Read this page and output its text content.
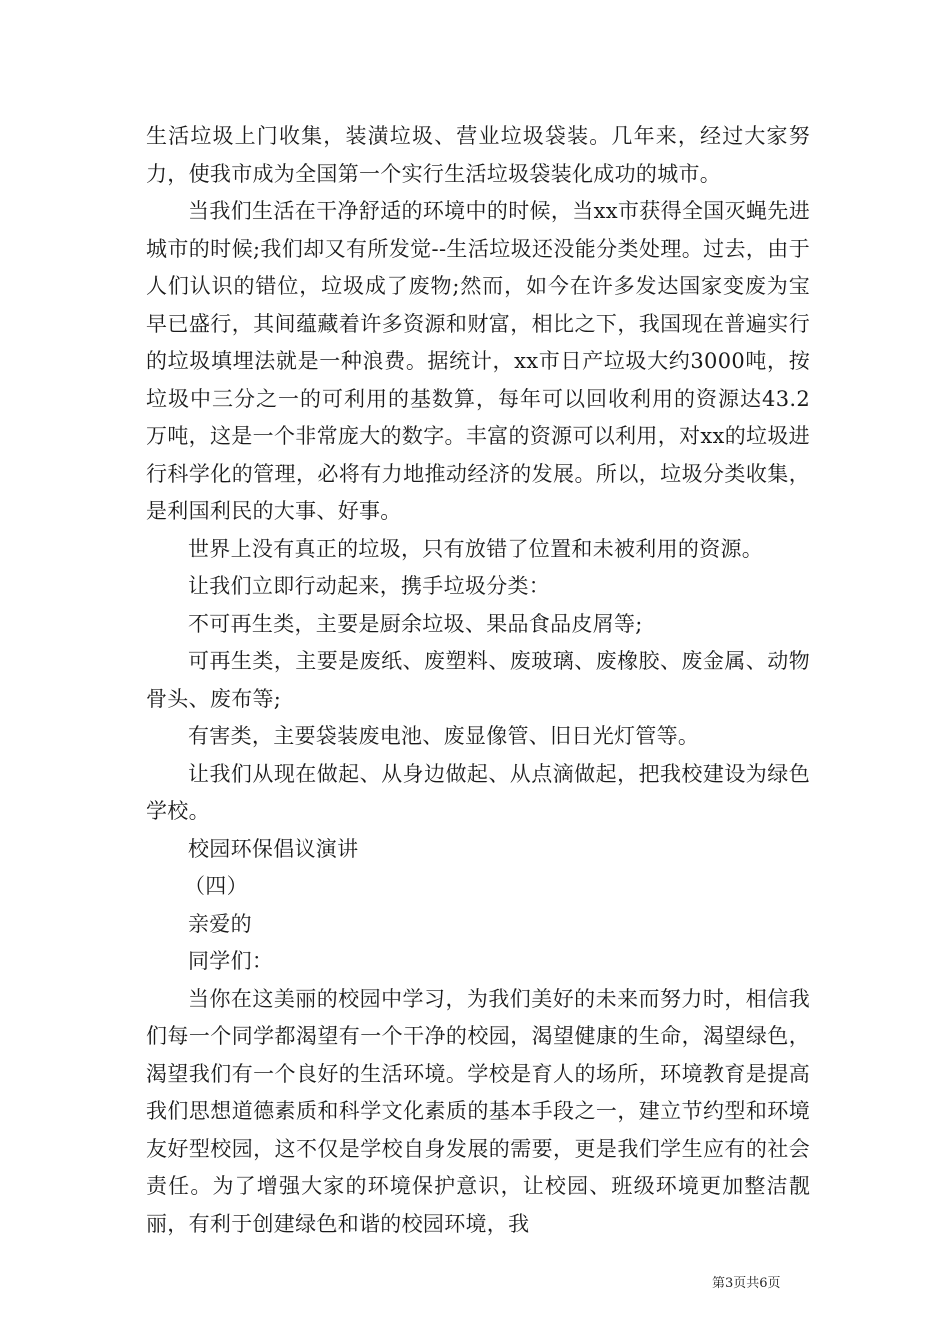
生活垃圾上门收集，装潢垃圾、营业垃圾袋装。几年来，经过大家努力，使我市成为全国第一个实行生活垃圾袋装化成功的城市。

当我们生活在干净舒适的环境中的时候，当xx市获得全国灭蝇先进城市的时候;我们却又有所发觉--生活垃圾还没能分类处理。过去，由于人们认识的错位，垃圾成了废物;然而，如今在许多发达国家变废为宝早已盛行，其间蕴藏着许多资源和财富，相比之下，我国现在普遍实行的垃圾填埋法就是一种浪费。据统计，xx市日产垃圾大约3000吨，按垃圾中三分之一的可利用的基数算，每年可以回收利用的资源达43.2万吨，这是一个非常庞大的数字。丰富的资源可以利用，对xx的垃圾进行科学化的管理，必将有力地推动经济的发展。所以，垃圾分类收集，是利国利民的大事、好事。

世界上没有真正的垃圾，只有放错了位置和未被利用的资源。

让我们立即行动起来，携手垃圾分类：

不可再生类，主要是厨余垃圾、果品食品皮屑等;

可再生类，主要是废纸、废塑料、废玻璃、废橡胶、废金属、动物骨头、废布等;

有害类，主要袋装废电池、废显像管、旧日光灯管等。

让我们从现在做起、从身边做起、从点滴做起，把我校建设为绿色学校。

校园环保倡议演讲

（四）

亲爱的

同学们：

当你在这美丽的校园中学习，为我们美好的未来而努力时，相信我们每一个同学都渴望有一个干净的校园，渴望健康的生命，渴望绿色，渴望我们有一个良好的生活环境。学校是育人的场所，环境教育是提高我们思想道德素质和科学文化素质的基本手段之一，建立节约型和环境友好型校园，这不仅是学校自身发展的需要，更是我们学生应有的社会责任。为了增强大家的环境保护意识，让校园、班级环境更加整洁靓丽，有利于创建绿色和谐的校园环境，我

第3页共6页
